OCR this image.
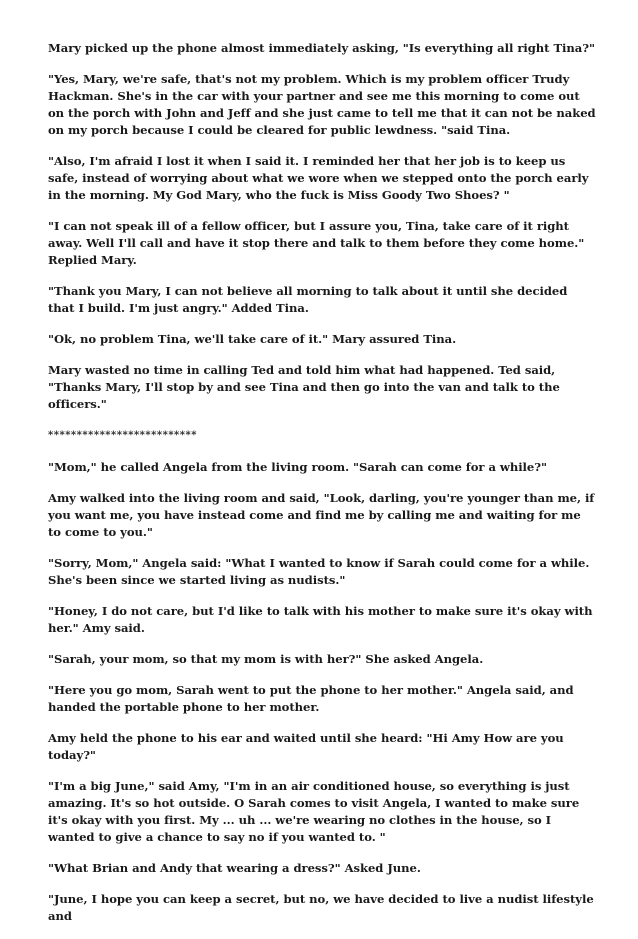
Mary picked up the phone almost immediately asking, "Is everything all right Tina?"

"Yes, Mary, we're safe, that's not my problem. Which is my problem officer Trudy Hackman. She's in the car with your partner and see me this morning to come out on the porch with John and Jeff and she just came to tell me that it can not be naked on my porch because I could be cleared for public lewdness. "said Tina.

"Also, I'm afraid I lost it when I said it. I reminded her that her job is to keep us safe, instead of worrying about what we wore when we stepped onto the porch early in the morning. My God Mary, who the fuck is Miss Goody Two Shoes? "

"I can not speak ill of a fellow officer, but I assure you, Tina, take care of it right away. Well I'll call and have it stop there and talk to them before they come home." Replied Mary.

"Thank you Mary, I can not believe all morning to talk about it until she decided that I build. I'm just angry." Added Tina.

"Ok, no problem Tina, we'll take care of it." Mary assured Tina.

Mary wasted no time in calling Ted and told him what had happened. Ted said, "Thanks Mary, I'll stop by and see Tina and then go into the van and talk to the officers."

**************************

"Mom," he called Angela from the living room. "Sarah can come for a while?"

Amy walked into the living room and said, "Look, darling, you're younger than me, if you want me, you have instead come and find me by calling me and waiting for me to come to you."

"Sorry, Mom," Angela said: "What I wanted to know if Sarah could come for a while. She's been since we started living as nudists."

"Honey, I do not care, but I'd like to talk with his mother to make sure it's okay with her." Amy said.

"Sarah, your mom, so that my mom is with her?" She asked Angela.

"Here you go mom, Sarah went to put the phone to her mother." Angela said, and handed the portable phone to her mother.

Amy held the phone to his ear and waited until she heard: "Hi Amy How are you today?"

"I'm a big June," said Amy, "I'm in an air conditioned house, so everything is just amazing. It's so hot outside. O Sarah comes to visit Angela, I wanted to make sure it's okay with you first. My ... uh ... we're wearing no clothes in the house, so I wanted to give a chance to say no if you wanted to. "

"What Brian and Andy that wearing a dress?" Asked June.

"June, I hope you can keep a secret, but no, we have decided to live a nudist lifestyle and
